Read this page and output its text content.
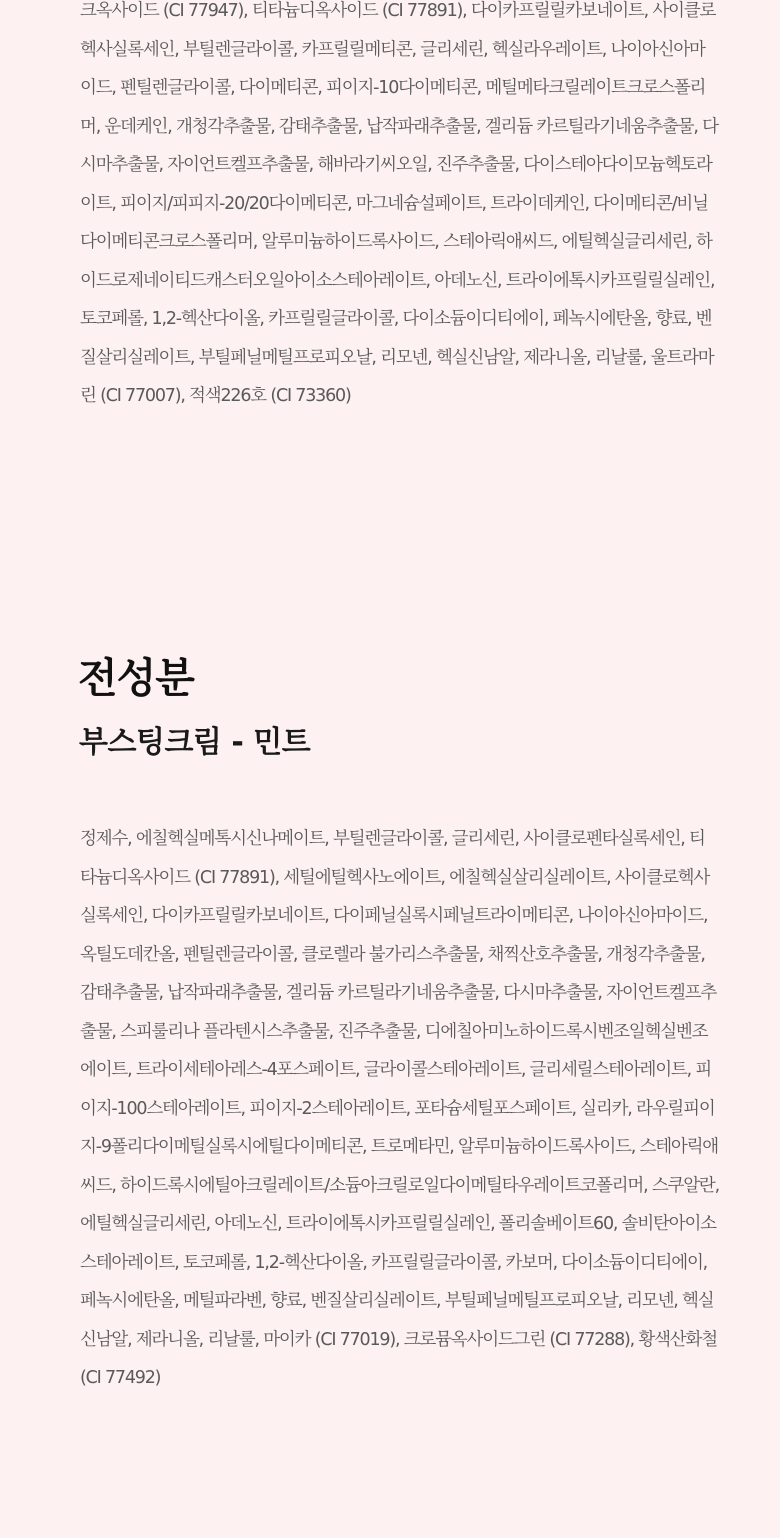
크옥사이드 (CI 77947), 티타늄디옥사이드 (CI 77891), 다이카프릴릴카보네이트, 사이클로헥사실록세인, 부틸렌글라이콜, 카프릴릴메티콘, 글리세린, 헥실라우레이트, 나이아신아마이드, 펜틸렌글라이콜, 다이메티콘, 피이지-10다이메티콘, 메틸메타크릴레이트크로스폴리머, 운데케인, 개청각추출물, 감태추출물, 납작파래추출물, 겔리듐 카르틸라기네움추출물, 다시마추출물, 자이언트켈프추출물, 해바라기씨오일, 진주추출물, 다이스테아다이모늄헥토라이트, 피이지/피피지-20/20다이메티콘, 마그네슘설페이트, 트라이데케인, 다이메티콘/비닐다이메티콘크로스폴리머, 알루미늄하이드록사이드, 스테아릭애씨드, 에틸헥실글리세린, 하이드로제네이티드캐스터오일아이소스테아레이트, 아데노신, 트라이에톡시카프릴릴실레인, 토코페롤, 1,2-헥산다이올, 카프릴릴글라이콜, 다이소듐이디티에이, 페녹시에탄올, 향료, 벤질살리실레이트, 부틸페닐메틸프로피오날, 리모넨, 헥실신남알, 제라니올, 리날룰, 울트라마린 (CI 77007), 적색226호 (CI 73360)

전성분
부스팅크림 - 민트

정제수, 에칠헥실메톡시신나메이트, 부틸렌글라이콜, 글리세린, 사이클로펜타실록세인, 티타늄디옥사이드 (CI 77891), 세틸에틸헥사노에이트, 에칠헥실살리실레이트, 사이클로헥사실록세인, 다이카프릴릴카보네이트, 다이페닐실록시페닐트라이메티콘, 나이아신아마이드, 옥틸도데칸올, 펜틸렌글라이콜, 클로렐라 불가리스추출물, 채찍산호추출물, 개청각추출물, 감태추출물, 납작파래추출물, 겔리듐 카르틸라기네움추출물, 다시마추출물, 자이언트켈프추출물, 스피룰리나 플라텐시스추출물, 진주추출물, 디에칠아미노하이드록시벤조일헥실벤조에이트, 트라이세테아레스-4포스페이트, 글라이콜스테아레이트, 글리세릴스테아레이트, 피이지-100스테아레이트, 피이지-2스테아레이트, 포타슘세틸포스페이트, 실리카, 라우릴피이지-9폴리다이메틸실록시에틸다이메티콘, 트로메타민, 알루미늄하이드록사이드, 스테아릭애씨드, 하이드록시에틸아크릴레이트/소듐아크릴로일다이메틸타우레이트코폴리머, 스쿠알란, 에틸헥실글리세린, 아데노신, 트라이에톡시카프릴릴실레인, 폴리솔베이트60, 솔비탄아이소스테아레이트, 토코페롤, 1,2-헥산다이올, 카프릴릴글라이콜, 카보머, 다이소듐이디티에이, 페녹시에탄올, 메틸파라벤, 향료, 벤질살리실레이트, 부틸페닐메틸프로피오날, 리모넨, 헥실신남알, 제라니올, 리날룰, 마이카 (CI 77019), 크로뮴옥사이드그린 (CI 77288), 황색산화철 (CI 77492)
